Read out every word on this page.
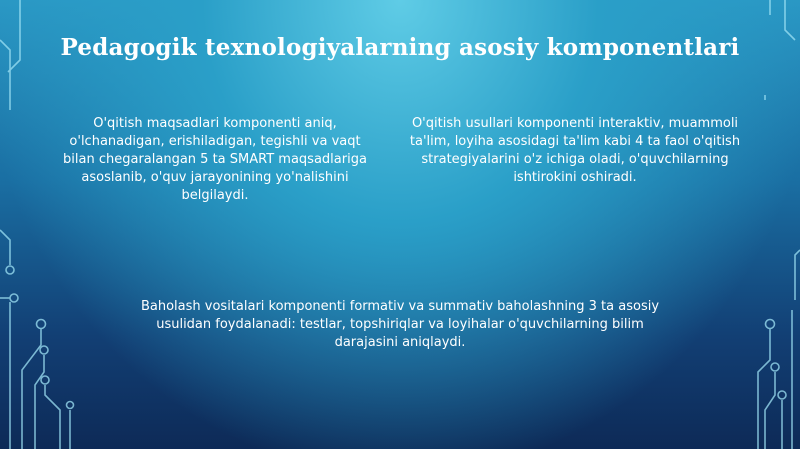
Pedagogik texnologiyalarning asosiy komponentlari
O'qitish maqsadlari komponenti aniq, o'lchanadigan, erishiladigan, tegishli va vaqt bilan chegaralangan 5 ta SMART maqsadlariga asoslanib, o'quv jarayonining yo'nalishini belgilaydi.
O'qitish usullari komponenti interaktiv, muammoli ta'lim, loyiha asosidagi ta'lim kabi 4 ta faol o'qitish strategiyalarini o'z ichiga oladi, o'quvchilarning ishtirokini oshiradi.
Baholash vositalari komponenti formativ va summativ baholashning 3 ta asosiy usulidan foydalanadi: testlar, topshiriqlar va loyihalar o'quvchilarning bilim darajasini aniqlaydi.
